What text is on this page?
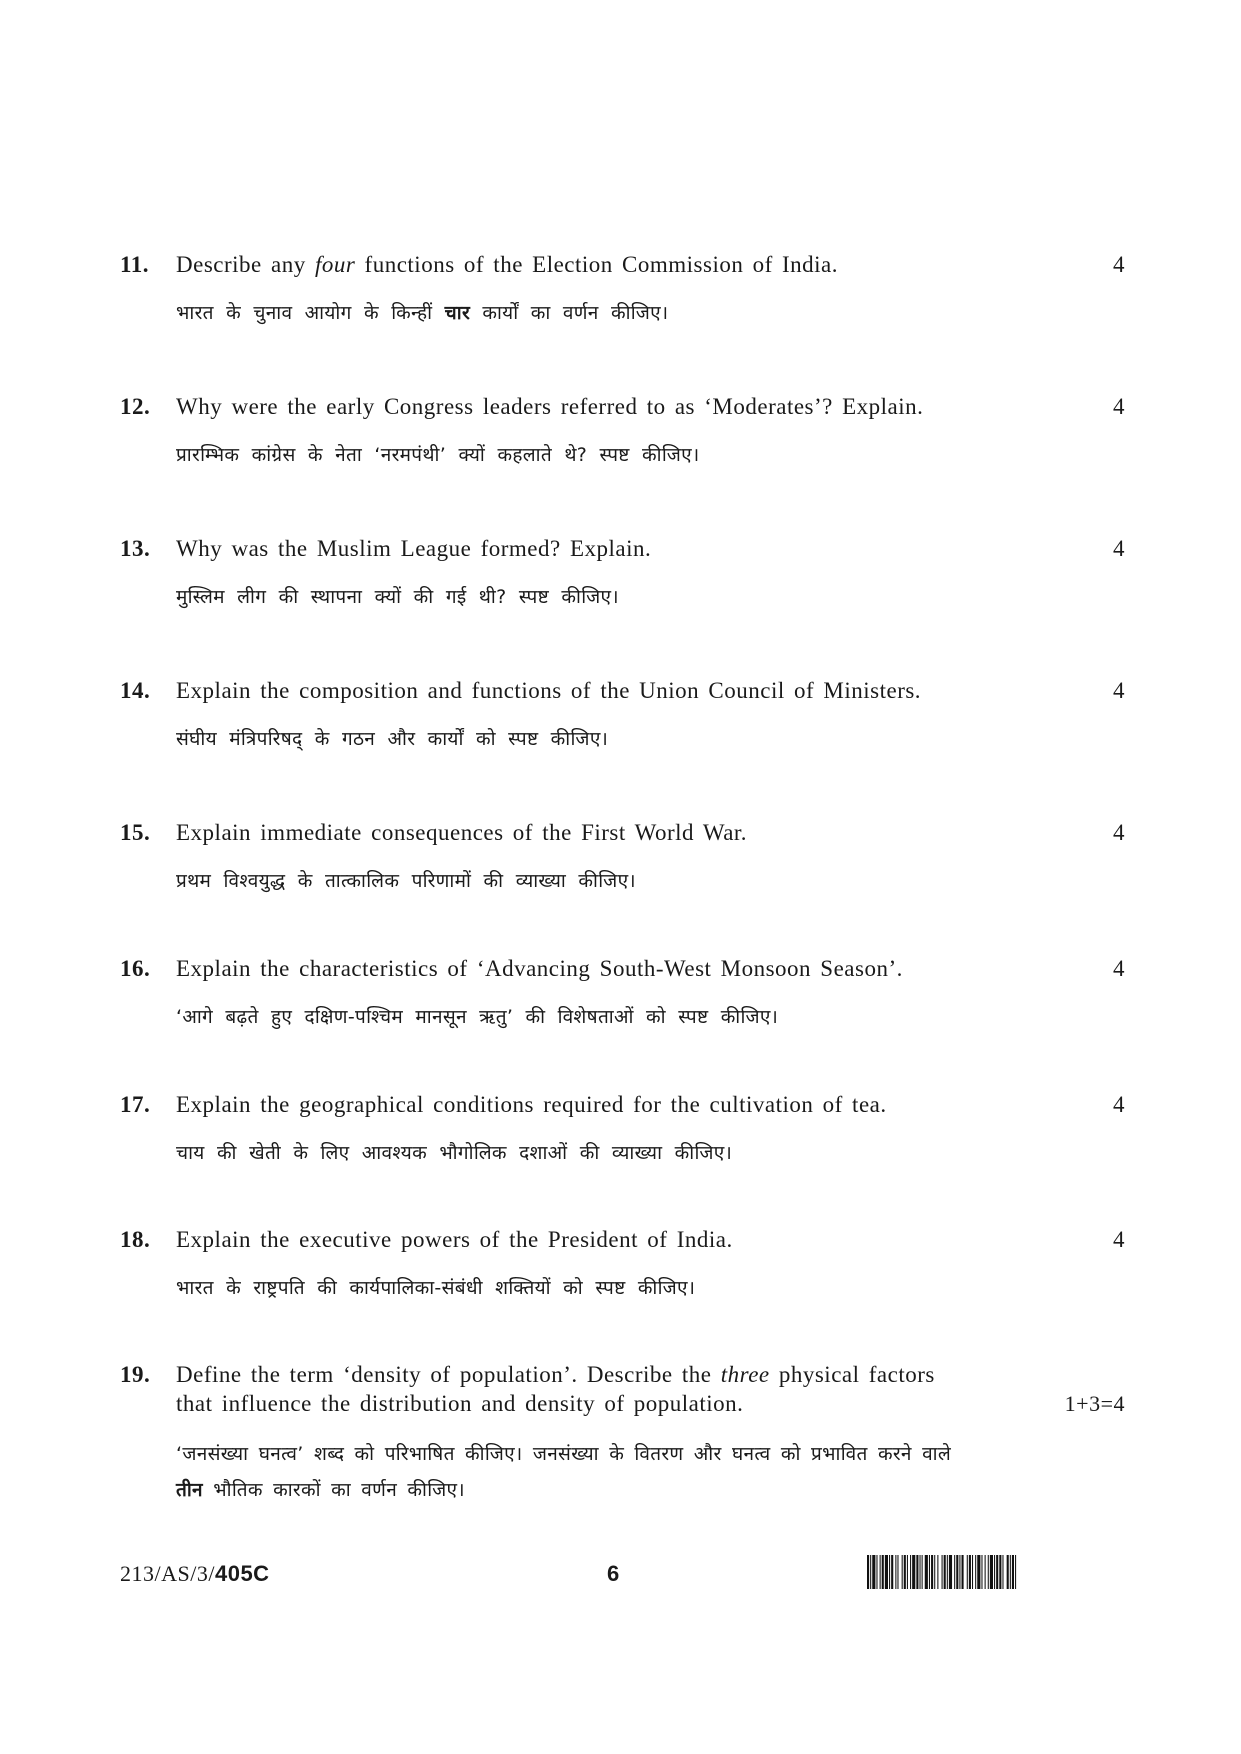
11. Describe any four functions of the Election Commission of India.	4
भारत के चुनाव आयोग के किन्हीं चार कार्यों का वर्णन कीजिए।
12. Why were the early Congress leaders referred to as ‘Moderates’? Explain.	4
प्रारम्भिक कांग्रेस के नेता ‘नरमपंथी’ क्यों कहलाते थे? स्पष्ट कीजिए।
13. Why was the Muslim League formed? Explain.	4
मुस्लिम लीग की स्थापना क्यों की गई थी? स्पष्ट कीजिए।
14. Explain the composition and functions of the Union Council of Ministers.	4
संघीय मंत्रिपरिषद् के गठन और कार्यों को स्पष्ट कीजिए।
15. Explain immediate consequences of the First World War.	4
प्रथम विश्वयुद्ध के तात्कालिक परिणामों की व्याख्या कीजिए।
16. Explain the characteristics of ‘Advancing South-West Monsoon Season’.	4
‘आगे बढ़ते हुए दक्षिण-पश्चिम मानसून ऋतु’ की विशेषताओं को स्पष्ट कीजिए।
17. Explain the geographical conditions required for the cultivation of tea.	4
चाय की खेती के लिए आवश्यक भौगोलिक दशाओं की व्याख्या कीजिए।
18. Explain the executive powers of the President of India.	4
भारत के राष्ट्रपति की कार्यपालिका-संबंधी शक्तियों को स्पष्ट कीजिए।
19. Define the term ‘density of population’. Describe the three physical factors
that influence the distribution and density of population.	1+3=4
‘जनसंख्या घनत्व’ शब्द को परिभाषित कीजिए। जनसंख्या के वितरण और घनत्व को प्रभावित करने वाले
तीन भौतिक कारकों का वर्णन कीजिए।
213/AS/3/405C	6
